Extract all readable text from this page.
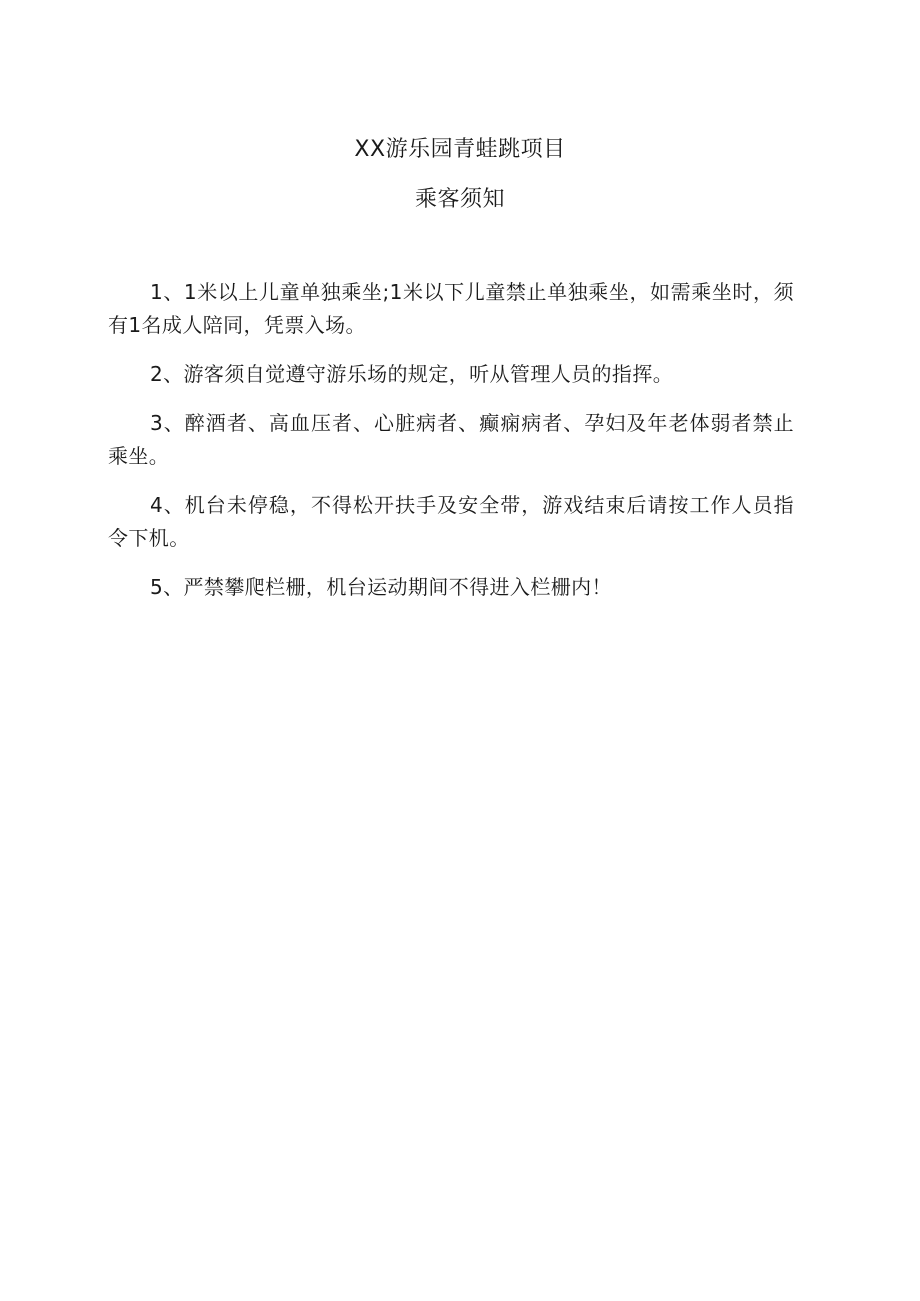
XX游乐园青蛙跳项目
乘客须知

1、1米以上儿童单独乘坐;1米以下儿童禁止单独乘坐，如需乘坐时，须有1名成人陪同，凭票入场。

2、游客须自觉遵守游乐场的规定，听从管理人员的指挥。

3、醉酒者、高血压者、心脏病者、癫痫病者、孕妇及年老体弱者禁止乘坐。

4、机台未停稳，不得松开扶手及安全带，游戏结束后请按工作人员指令下机。

5、严禁攀爬栏栅，机台运动期间不得进入栏栅内！
